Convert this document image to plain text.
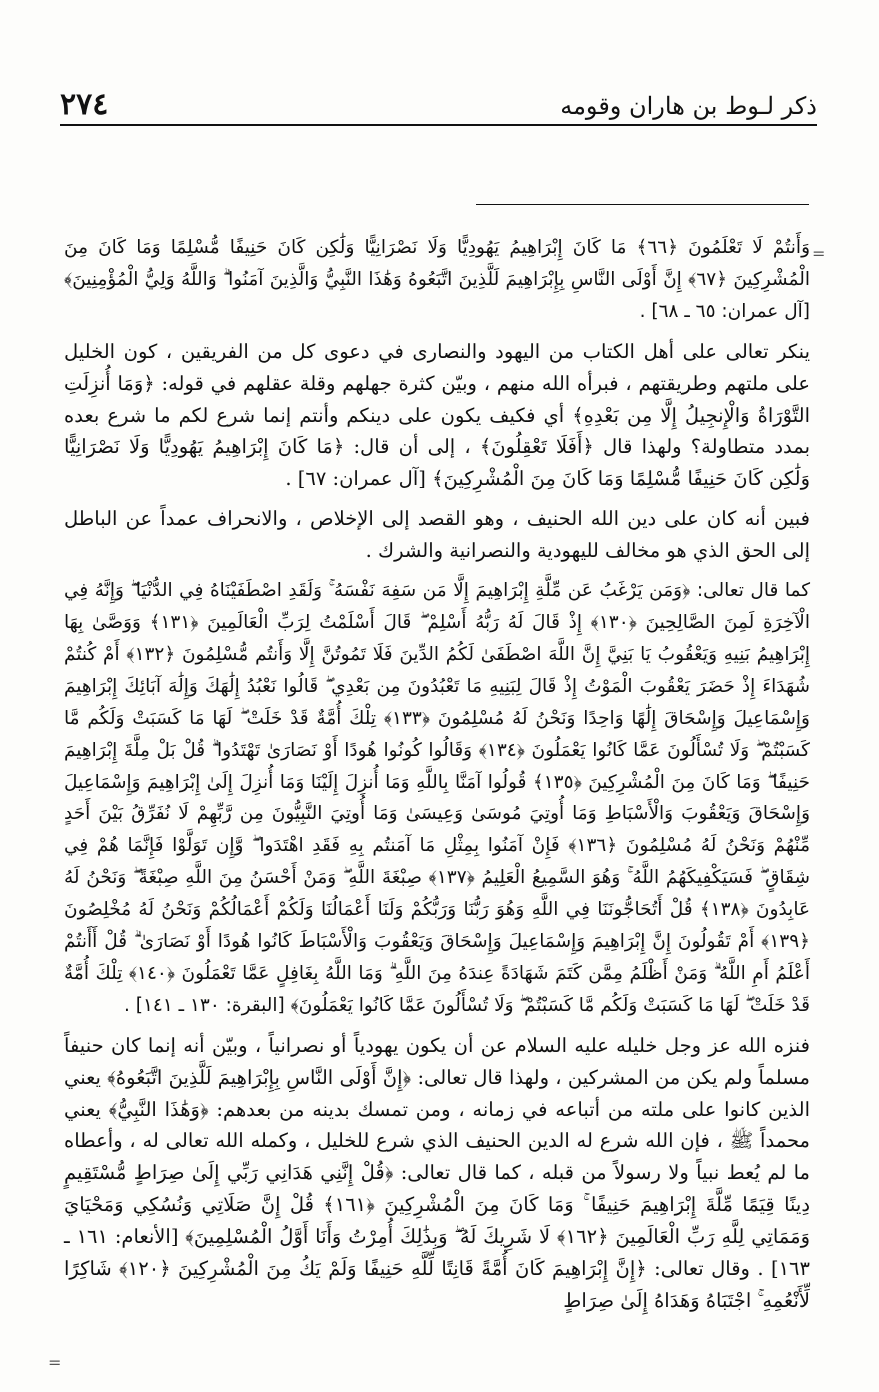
٢٧٤	ذكر لـوط بن هاران وقومه
=
=

وَأَنتُمْ لَا تَعْلَمُونَ ﴿٦٦﴾ مَا كَانَ إِبْرَاهِيمُ يَهُودِيًّا وَلَا نَصْرَانِيًّا وَلَٰكِن كَانَ حَنِيفًا مُّسْلِمًا وَمَا كَانَ مِنَ الْمُشْرِكِينَ ﴿٦٧﴾ إِنَّ أَوْلَى النَّاسِ بِإِبْرَاهِيمَ لَلَّذِينَ اتَّبَعُوهُ وَهَٰذَا النَّبِيُّ وَالَّذِينَ آمَنُوا ۗ وَاللَّهُ وَلِيُّ الْمُؤْمِنِينَ﴾ [آل عمران: ٦٥ ـ ٦٨] .

ينكر تعالى على أهل الكتاب من اليهود والنصارى في دعوى كل من الفريقين ، كون الخليل على ملتهم وطريقتهم ، فبرأه الله منهم ، وبيّن كثرة جهلهم وقلة عقلهم في قوله: ﴿وَمَا أُنزِلَتِ التَّوْرَاةُ وَالْإِنجِيلُ إِلَّا مِن بَعْدِهِ﴾ أي فكيف يكون على دينكم وأنتم إنما شرع لكم ما شرع بعده بمدد متطاولة؟ ولهذا قال ﴿أَفَلَا تَعْقِلُونَ﴾ ، إلى أن قال: ﴿مَا كَانَ إِبْرَاهِيمُ يَهُودِيًّا وَلَا نَصْرَانِيًّا وَلَٰكِن كَانَ حَنِيفًا مُّسْلِمًا وَمَا كَانَ مِنَ الْمُشْرِكِينَ﴾ [آل عمران: ٦٧] .

فبين أنه كان على دين الله الحنيف ، وهو القصد إلى الإخلاص ، والانحراف عمداً عن الباطل إلى الحق الذي هو مخالف لليهودية والنصرانية والشرك .

كما قال تعالى: ﴿وَمَن يَرْغَبُ عَن مِّلَّةِ إِبْرَاهِيمَ إِلَّا مَن سَفِهَ نَفْسَهُ ۚ وَلَقَدِ اصْطَفَيْنَاهُ فِي الدُّنْيَا ۖ وَإِنَّهُ فِي الْآخِرَةِ لَمِنَ الصَّالِحِينَ ﴿١٣٠﴾ إِذْ قَالَ لَهُ رَبُّهُ أَسْلِمْ ۖ قَالَ أَسْلَمْتُ لِرَبِّ الْعَالَمِينَ ﴿١٣١﴾ وَوَصَّىٰ بِهَا إِبْرَاهِيمُ بَنِيهِ وَيَعْقُوبُ يَا بَنِيَّ إِنَّ اللَّهَ اصْطَفَىٰ لَكُمُ الدِّينَ فَلَا تَمُوتُنَّ إِلَّا وَأَنتُم مُّسْلِمُونَ ﴿١٣٢﴾ أَمْ كُنتُمْ شُهَدَاءَ إِذْ حَضَرَ يَعْقُوبَ الْمَوْتُ إِذْ قَالَ لِبَنِيهِ مَا تَعْبُدُونَ مِن بَعْدِي ۖ قَالُوا نَعْبُدُ إِلَٰهَكَ وَإِلَٰهَ آبَائِكَ إِبْرَاهِيمَ وَإِسْمَاعِيلَ وَإِسْحَاقَ إِلَٰهًا وَاحِدًا وَنَحْنُ لَهُ مُسْلِمُونَ ﴿١٣٣﴾ تِلْكَ أُمَّةٌ قَدْ خَلَتْ ۖ لَهَا مَا كَسَبَتْ وَلَكُم مَّا كَسَبْتُمْ ۖ وَلَا تُسْأَلُونَ عَمَّا كَانُوا يَعْمَلُونَ ﴿١٣٤﴾ وَقَالُوا كُونُوا هُودًا أَوْ نَصَارَىٰ تَهْتَدُوا ۗ قُلْ بَلْ مِلَّةَ إِبْرَاهِيمَ حَنِيفًا ۖ وَمَا كَانَ مِنَ الْمُشْرِكِينَ ﴿١٣٥﴾ قُولُوا آمَنَّا بِاللَّهِ وَمَا أُنزِلَ إِلَيْنَا وَمَا أُنزِلَ إِلَىٰ إِبْرَاهِيمَ وَإِسْمَاعِيلَ وَإِسْحَاقَ وَيَعْقُوبَ وَالْأَسْبَاطِ وَمَا أُوتِيَ مُوسَىٰ وَعِيسَىٰ وَمَا أُوتِيَ النَّبِيُّونَ مِن رَّبِّهِمْ لَا نُفَرِّقُ بَيْنَ أَحَدٍ مِّنْهُمْ وَنَحْنُ لَهُ مُسْلِمُونَ ﴿١٣٦﴾ فَإِنْ آمَنُوا بِمِثْلِ مَا آمَنتُم بِهِ فَقَدِ اهْتَدَوا ۖ وَّإِن تَوَلَّوْا فَإِنَّمَا هُمْ فِي شِقَاقٍ ۖ فَسَيَكْفِيكَهُمُ اللَّهُ ۚ وَهُوَ السَّمِيعُ الْعَلِيمُ ﴿١٣٧﴾ صِبْغَةَ اللَّهِ ۖ وَمَنْ أَحْسَنُ مِنَ اللَّهِ صِبْغَةً ۖ وَنَحْنُ لَهُ عَابِدُونَ ﴿١٣٨﴾ قُلْ أَتُحَاجُّونَنَا فِي اللَّهِ وَهُوَ رَبُّنَا وَرَبُّكُمْ وَلَنَا أَعْمَالُنَا وَلَكُمْ أَعْمَالُكُمْ وَنَحْنُ لَهُ مُخْلِصُونَ ﴿١٣٩﴾ أَمْ تَقُولُونَ إِنَّ إِبْرَاهِيمَ وَإِسْمَاعِيلَ وَإِسْحَاقَ وَيَعْقُوبَ وَالْأَسْبَاطَ كَانُوا هُودًا أَوْ نَصَارَىٰ ۗ قُلْ أَأَنتُمْ أَعْلَمُ أَمِ اللَّهُ ۗ وَمَنْ أَظْلَمُ مِمَّن كَتَمَ شَهَادَةً عِندَهُ مِنَ اللَّهِ ۗ وَمَا اللَّهُ بِغَافِلٍ عَمَّا تَعْمَلُونَ ﴿١٤٠﴾ تِلْكَ أُمَّةٌ قَدْ خَلَتْ ۖ لَهَا مَا كَسَبَتْ وَلَكُم مَّا كَسَبْتُمْ ۖ وَلَا تُسْأَلُونَ عَمَّا كَانُوا يَعْمَلُونَ﴾ [البقرة: ١٣٠ ـ ١٤١] .

فنزه الله عز وجل خليله عليه السلام عن أن يكون يهودياً أو نصرانياً ، وبيّن أنه إنما كان حنيفاً مسلماً ولم يكن من المشركين ، ولهذا قال تعالى: ﴿إِنَّ أَوْلَى النَّاسِ بِإِبْرَاهِيمَ لَلَّذِينَ اتَّبَعُوهُ﴾ يعني الذين كانوا على ملته من أتباعه في زمانه ، ومن تمسك بدينه من بعدهم: ﴿وَهَٰذَا النَّبِيُّ﴾ يعني محمداً ﷺ ، فإن الله شرع له الدين الحنيف الذي شرع للخليل ، وكمله الله تعالى له ، وأعطاه ما لم يُعط نبياً ولا رسولاً من قبله ، كما قال تعالى: ﴿قُلْ إِنَّنِي هَدَانِي رَبِّي إِلَىٰ صِرَاطٍ مُّسْتَقِيمٍ دِينًا قِيَمًا مِّلَّةَ إِبْرَاهِيمَ حَنِيفًا ۚ وَمَا كَانَ مِنَ الْمُشْرِكِينَ ﴿١٦١﴾ قُلْ إِنَّ صَلَاتِي وَنُسُكِي وَمَحْيَايَ وَمَمَاتِي لِلَّهِ رَبِّ الْعَالَمِينَ ﴿١٦٢﴾ لَا شَرِيكَ لَهُ ۖ وَبِذَٰلِكَ أُمِرْتُ وَأَنَا أَوَّلُ الْمُسْلِمِينَ﴾ [الأنعام: ١٦١ ـ ١٦٣] . وقال تعالى: ﴿إِنَّ إِبْرَاهِيمَ كَانَ أُمَّةً قَانِتًا لِّلَّهِ حَنِيفًا وَلَمْ يَكُ مِنَ الْمُشْرِكِينَ ﴿١٢٠﴾ شَاكِرًا لِّأَنْعُمِهِ ۚ اجْتَبَاهُ وَهَدَاهُ إِلَىٰ صِرَاطٍ
